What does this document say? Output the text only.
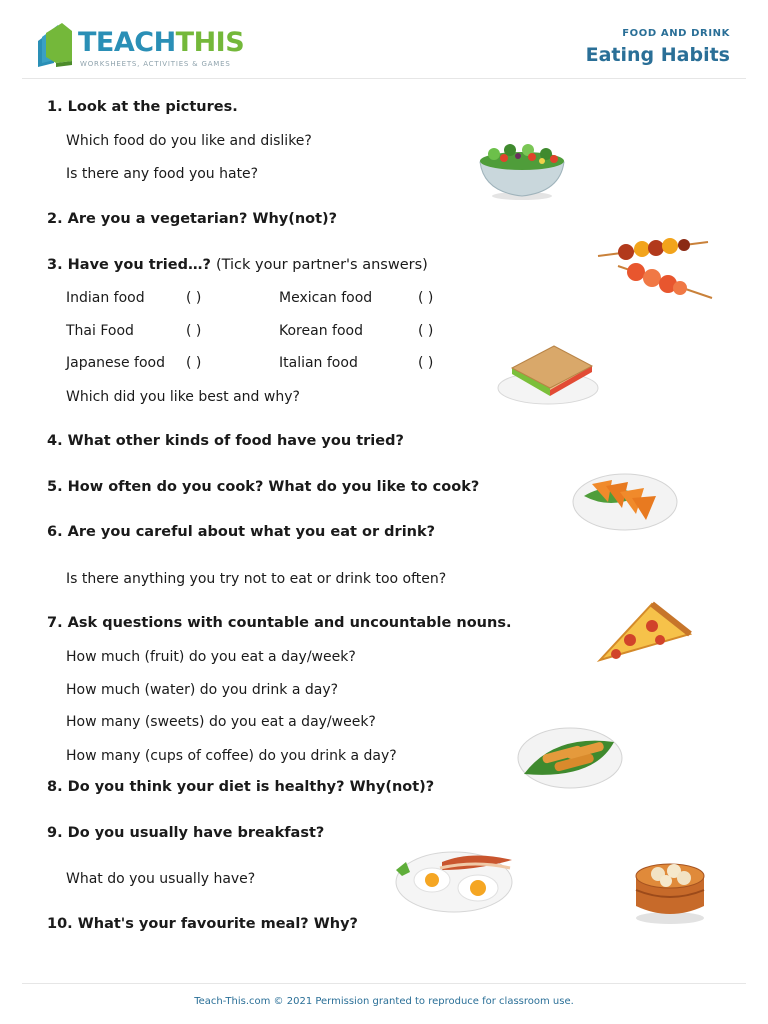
TEACHTHIS
WORKSHEETS, ACTIVITIES & GAMES
FOOD AND DRINK
Eating Habits
1. Look at the pictures.
Which food do you like and dislike?
Is there any food you hate?
2. Are you a vegetarian? Why(not)?
3. Have you tried…? (Tick your partner's answers)
Indian food	( )	Mexican food	( )
Thai Food	( )	Korean food	( )
Japanese food ( )	Italian food	( )
Which did you like best and why?
4. What other kinds of food have you tried?
5. How often do you cook? What do you like to cook?
6. Are you careful about what you eat or drink?
Is there anything you try not to eat or drink too often?
7. Ask questions with countable and uncountable nouns.
How much (fruit) do you eat a day/week?
How much (water) do you drink a day?
How many (sweets) do you eat a day/week?
How many (cups of coffee) do you drink a day?
8. Do you think your diet is healthy? Why(not)?
9. Do you usually have breakfast?
What do you usually have?
10. What's your favourite meal? Why?
Teach-This.com © 2021 Permission granted to reproduce for classroom use.
